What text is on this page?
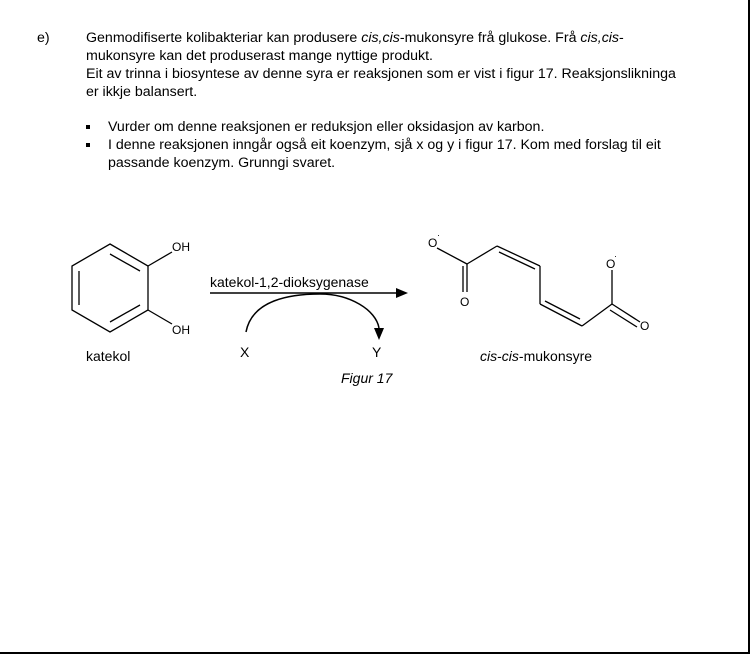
e)	Genmodifiserte kolibakteriar kan produsere cis,cis-mukonsyre frå glukose. Frå cis,cis-
mukonsyre kan det produserast mange nyttige produkt.
Eit av trinna i biosyntese av denne syra er reaksjonen som er vist i figur 17. Reaksjonslikninga
er ikkje balansert.
Vurder om denne reaksjonen er reduksjon eller oksidasjon av karbon.
I denne reaksjonen inngår også eit koenzym, sjå x og y i figur 17. Kom med forslag til eit passande koenzym. Grunngi svaret.
OH
OH
katekol
katekol-1,2-dioksygenase
X	Y
Figur 17
O
·
O
O
·
O
cis-cis-mukonsyre
